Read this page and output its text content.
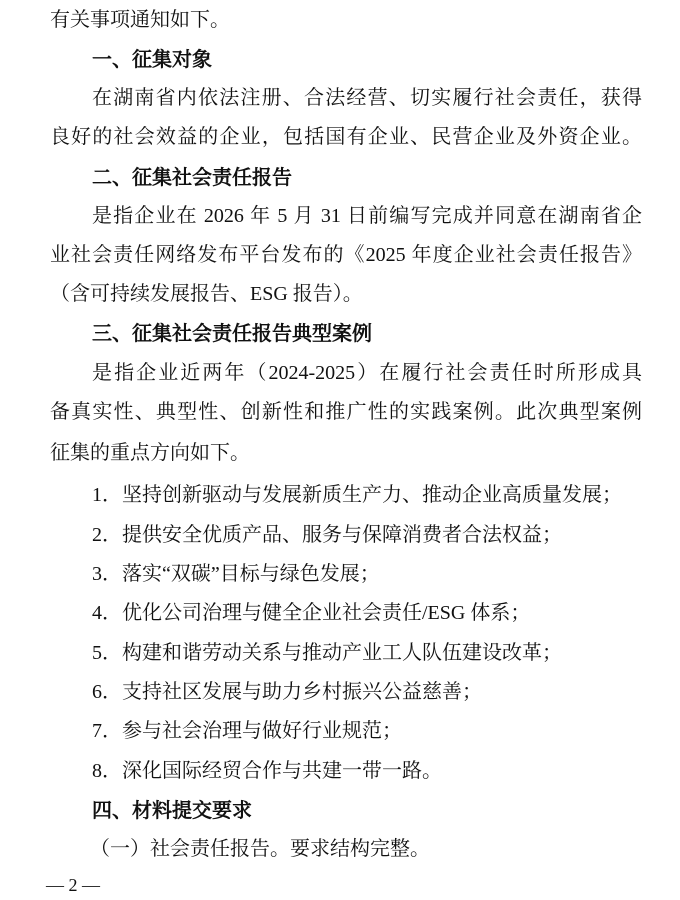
有关事项通知如下。
一、征集对象
在湖南省内依法注册、合法经营、切实履行社会责任，获得
良好的社会效益的企业，包括国有企业、民营企业及外资企业。
二、征集社会责任报告
是指企业在 2026 年 5 月 31 日前编写完成并同意在湖南省企
业社会责任网络发布平台发布的《2025 年度企业社会责任报告》
（含可持续发展报告、ESG 报告）。
三、征集社会责任报告典型案例
是指企业近两年（2024-2025）在履行社会责任时所形成具
备真实性、典型性、创新性和推广性的实践案例。此次典型案例
征集的重点方向如下。
1．坚持创新驱动与发展新质生产力、推动企业高质量发展；
2．提供安全优质产品、服务与保障消费者合法权益；
3．落实“双碳”目标与绿色发展；
4．优化公司治理与健全企业社会责任/ESG 体系；
5．构建和谐劳动关系与推动产业工人队伍建设改革；
6．支持社区发展与助力乡村振兴公益慈善；
7．参与社会治理与做好行业规范；
8．深化国际经贸合作与共建一带一路。
四、材料提交要求
（一）社会责任报告。要求结构完整。
— 2 —
